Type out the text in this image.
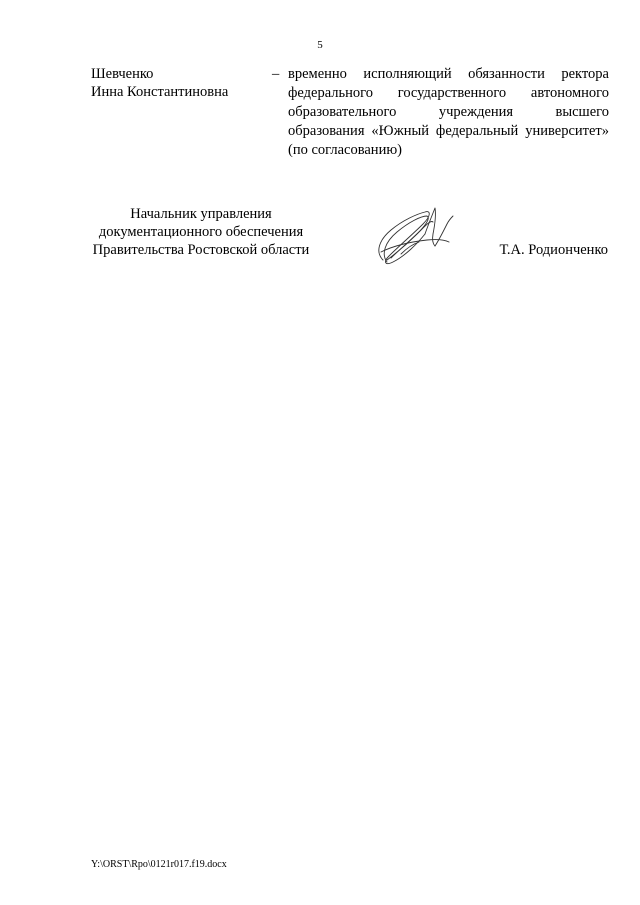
5
Шевченко
Инна Константиновна
– временно исполняющий обязанности ректора федерального государственного автономного образовательного учреждения высшего образования «Южный федеральный университет» (по согласованию)
Начальник управления
документационного обеспечения
Правительства Ростовской области	Т.А. Родионченко
Y:\ORST\Rpo\0121r017.f19.docx
